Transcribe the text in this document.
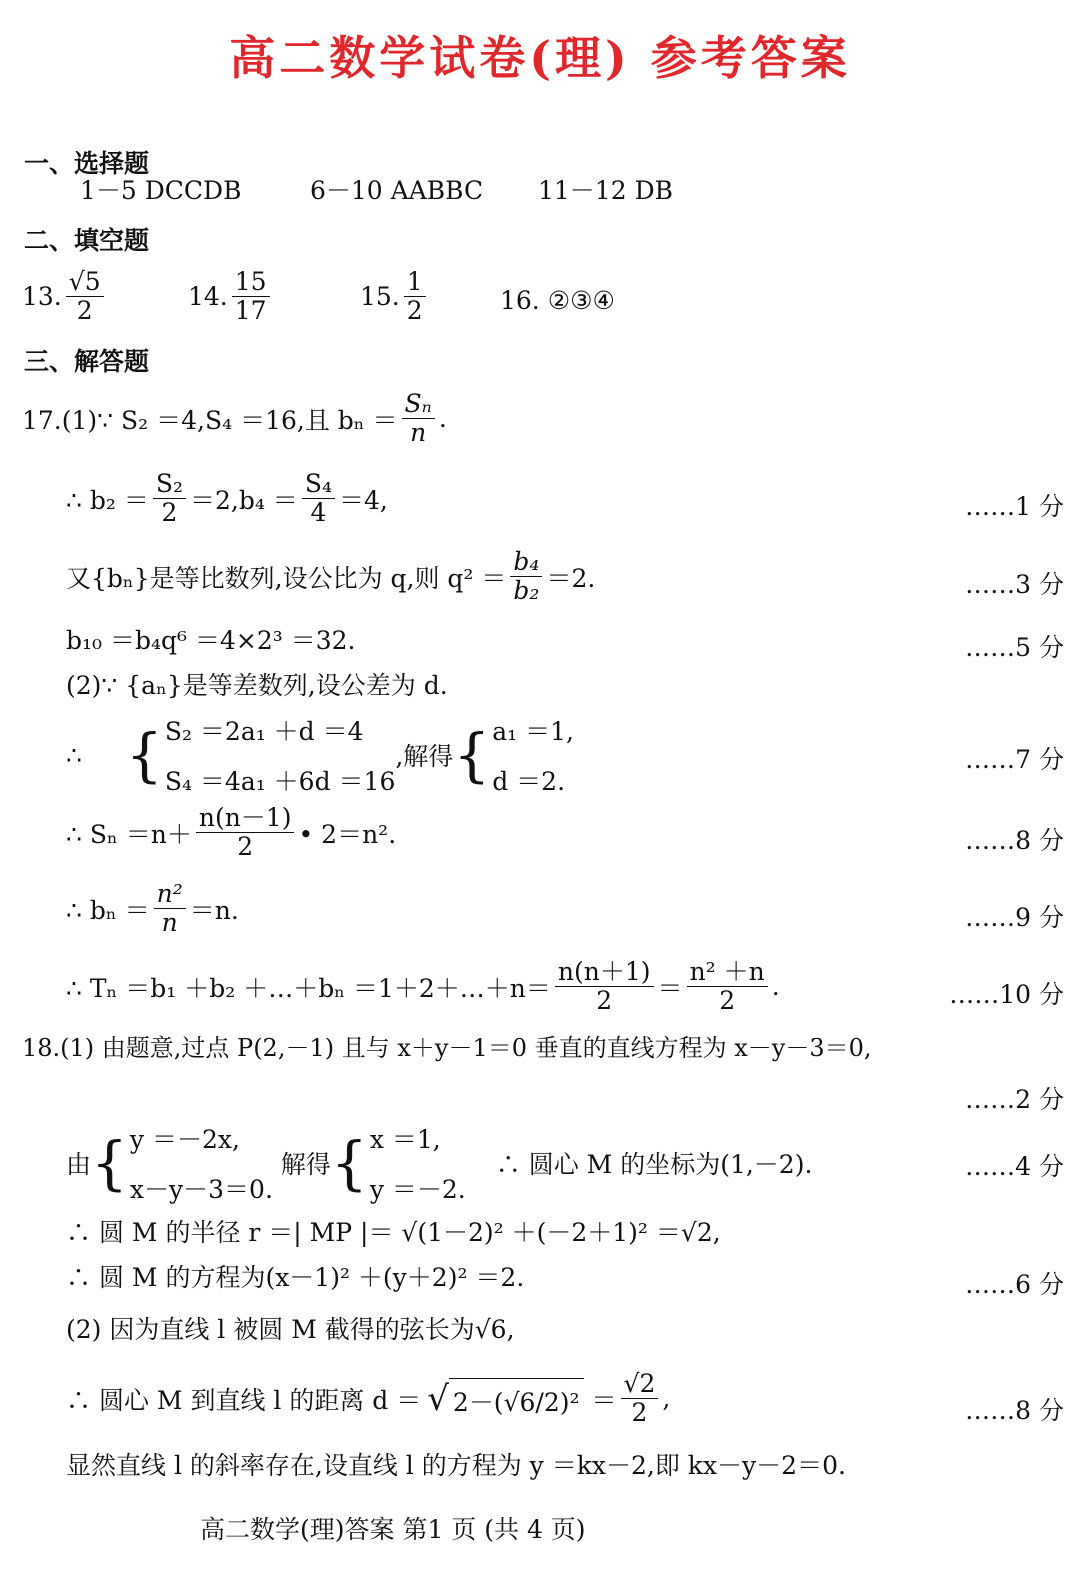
高二数学试卷(理) 参考答案
一、选择题
1－5 DCCDB	6－10 AABBC 11－12 DB
二、填空题
13. $\frac{√5}{2}$	14. $\frac{15}{17}$	15. $\frac{1}{2}$	16. ②③④
三、解答题
17.(1)∵ S₂ ＝4,S₄ ＝16,且 $b_n = \frac{\text{Sₙ}}{n}$ .
∴ $b_2 = \frac{\text{S₂}}{2} =2,b_4 = \frac{\text{S₄}}{4} =4$,	……1 分
又{bₙ}是等比数列,设公比为 q,则 $q^2 = \frac{\text{b₄}}{\text{b₂}} =2$.	……3 分
b₁₀ ＝b₄q⁶ ＝4×2³ ＝32.	……5 分
(2)∵ {aₙ}是等差数列,设公差为 d.
∴ { S₂ ＝2a₁ ＋d ＝4
S₄ ＝4a₁ ＋6d ＝16
,解得 { a₁ ＝1,
d ＝2.
……7 分
∴ $S_n =n+ \frac{n(n-1)}{2}$ • 2＝n².	……8 分
∴ $b_n = \frac{\text{n²}}{n} =n$.	……9 分
∴ Tₙ ＝b₁ ＋b₂ ＋…＋bₙ ＝1＋2＋…＋n＝ $\frac{n(n+1)}{2} = \frac{\text{n² ＋n}}{2}$ .	……10 分
18.(1) 由题意,过点 P(2,－1) 且与 x＋y－1＝0 垂直的直线方程为 x－y－3＝0,
……2 分
由 { y ＝－2x,
x－y－3＝0.
解得 { x ＝1,
y ＝－2.
∴ 圆心 M 的坐标为(1,－2).	……4 分
∴ 圆 M 的半径 r ＝| MP |＝ √(1－2)² ＋(－2＋1)² ＝√2,
∴ 圆 M 的方程为(x－1)² ＋(y＋2)² ＝2.	……6 分
(2) 因为直线 l 被圆 M 截得的弦长为√6,
∴ 圆心 M 到直线 l 的距离 d ＝ √ $2-(√6/2)^2 = \frac{√2}{2}$ ,	……8 分
显然直线 l 的斜率存在,设直线 l 的方程为 y ＝kx－2,即 kx－y－2＝0.
高二数学(理)答案 第1 页 (共 4 页)
